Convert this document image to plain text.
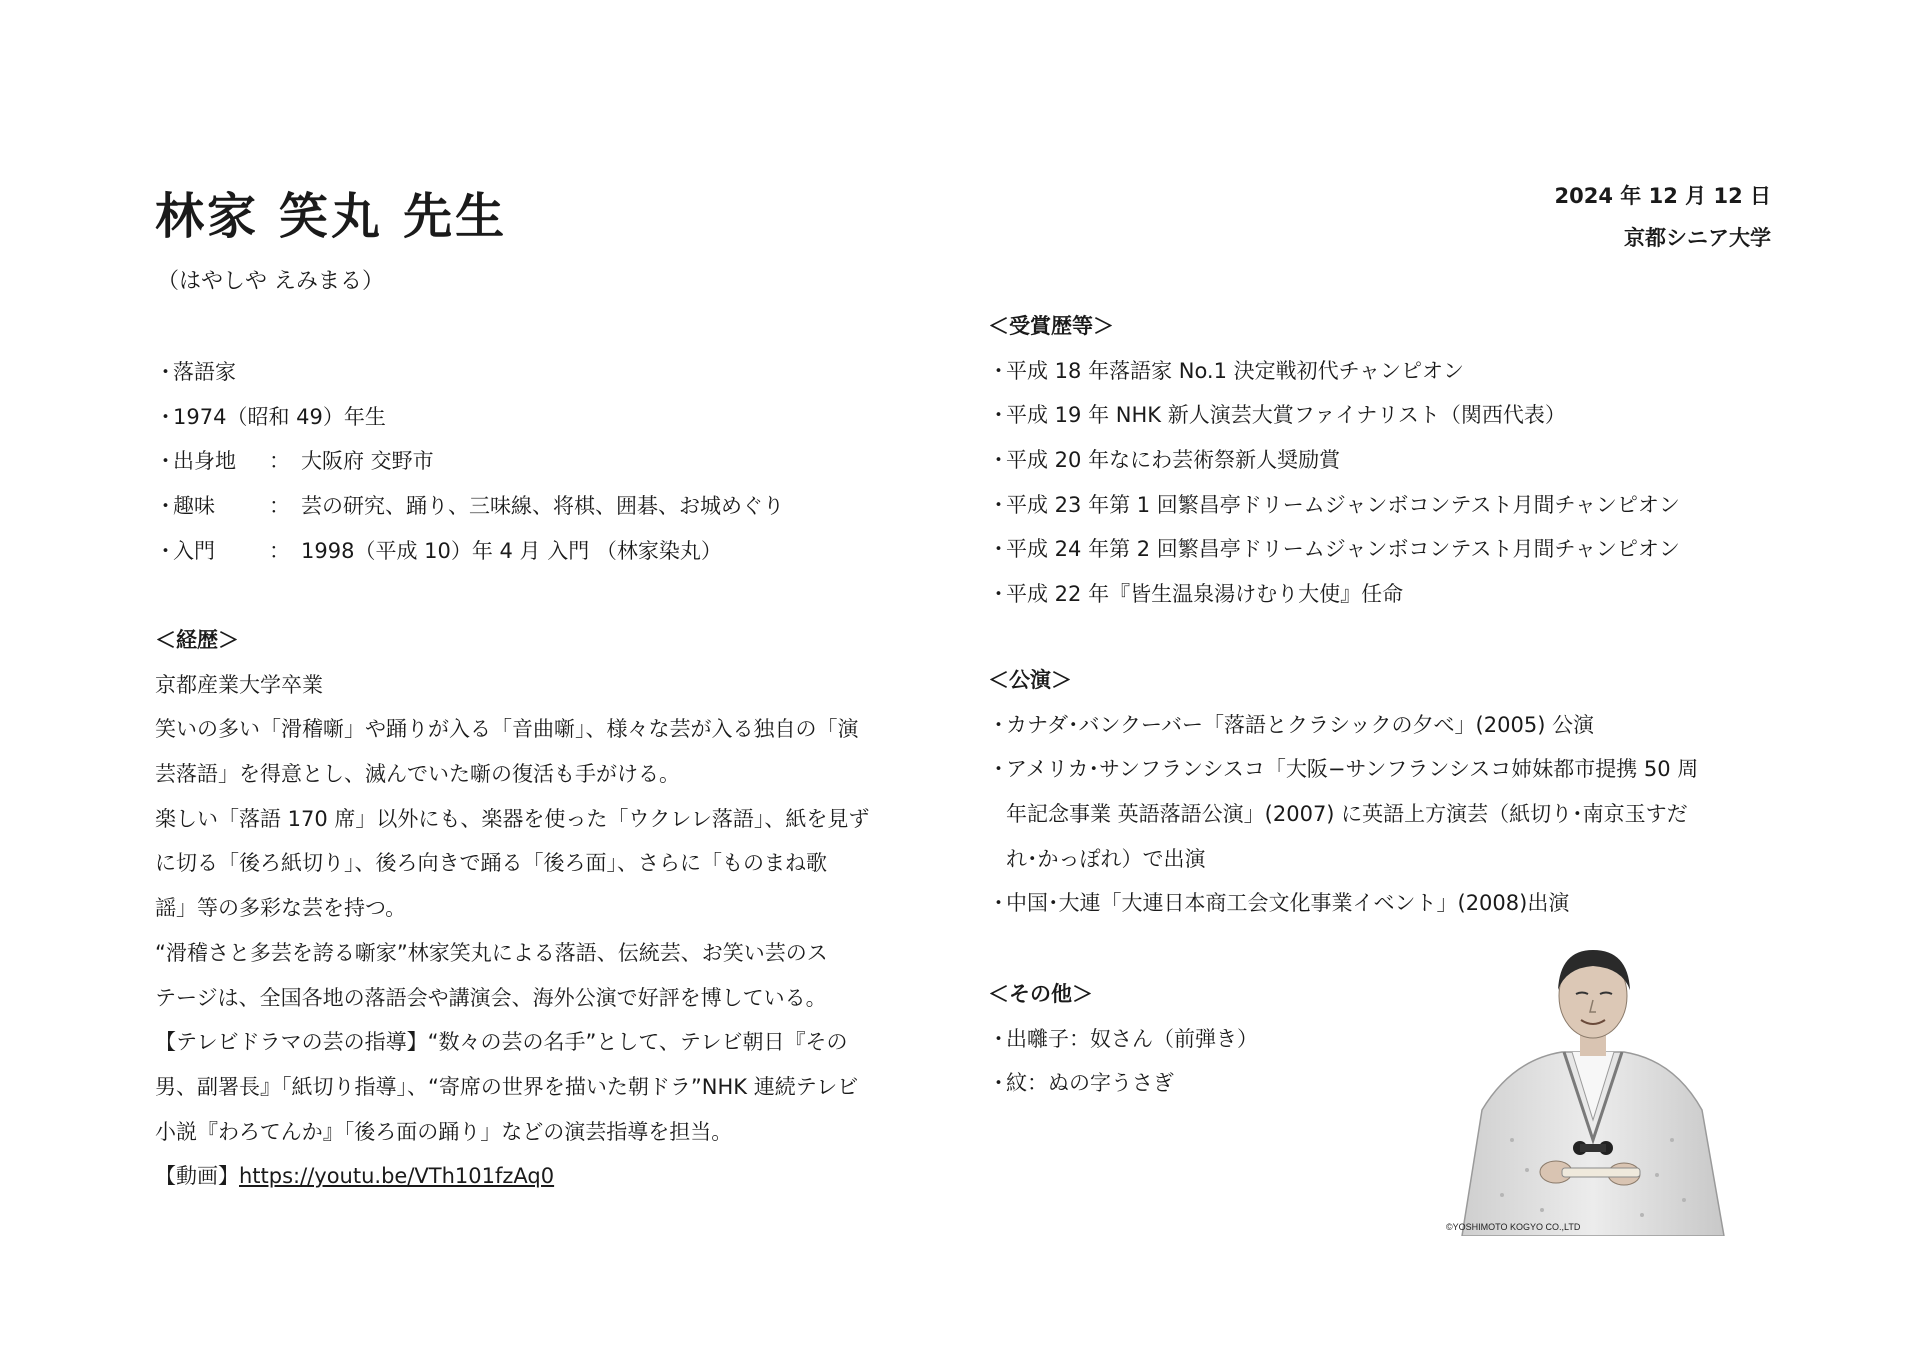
林家 笑丸 先生
（はやしや えみまる）
2024 年 12 月 12 日
京都シニア大学
・落語家
・1974（昭和 49）年生
・出身地 ： 大阪府 交野市
・趣味	： 芸の研究、踊り、三味線、将棋、囲碁、お城めぐり
・入門	： 1998（平成 10）年 4 月 入門 （林家染丸）
＜経歴＞
京都産業大学卒業
笑いの多い「滑稽噺」や踊りが入る「音曲噺」、様々な芸が入る独自の「演
芸落語」を得意とし、滅んでいた噺の復活も手がける。
楽しい「落語 170 席」以外にも、楽器を使った「ウクレレ落語」、紙を見ず
に切る「後ろ紙切り」、後ろ向きで踊る「後ろ面」、さらに「ものまね歌
謡」等の多彩な芸を持つ。
“滑稽さと多芸を誇る噺家”林家笑丸による落語、伝統芸、お笑い芸のス
テージは、全国各地の落語会や講演会、海外公演で好評を博している。
【テレビドラマの芸の指導】“数々の芸の名手”として、テレビ朝日『その
男、副署長』「紙切り指導」、“寄席の世界を描いた朝ドラ”NHK 連続テレビ
小説『わろてんか』「後ろ面の踊り」などの演芸指導を担当。
【動画】https://youtu.be/VTh101fzAq0
＜受賞歴等＞
・平成 18 年落語家 No.1 決定戦初代チャンピオン
・平成 19 年 NHK 新人演芸大賞ファイナリスト（関西代表）
・平成 20 年なにわ芸術祭新人奨励賞
・平成 23 年第 1 回繁昌亭ドリームジャンボコンテスト月間チャンピオン
・平成 24 年第 2 回繁昌亭ドリームジャンボコンテスト月間チャンピオン
・平成 22 年『皆生温泉湯けむり大使』任命
＜公演＞
・カナダ･バンクーバー「落語とクラシックの夕べ」(2005) 公演
・アメリカ･サンフランシスコ「大阪−サンフランシスコ姉妹都市提携 50 周
年記念事業 英語落語公演」(2007) に英語上方演芸（紙切り･南京玉すだ
れ･かっぽれ）で出演
・中国･大連「大連日本商工会文化事業イベント」(2008)出演
＜その他＞
・出囃子：奴さん（前弾き）
・紋：ぬの字うさぎ
©YOSHIMOTO KOGYO CO.,LTD
